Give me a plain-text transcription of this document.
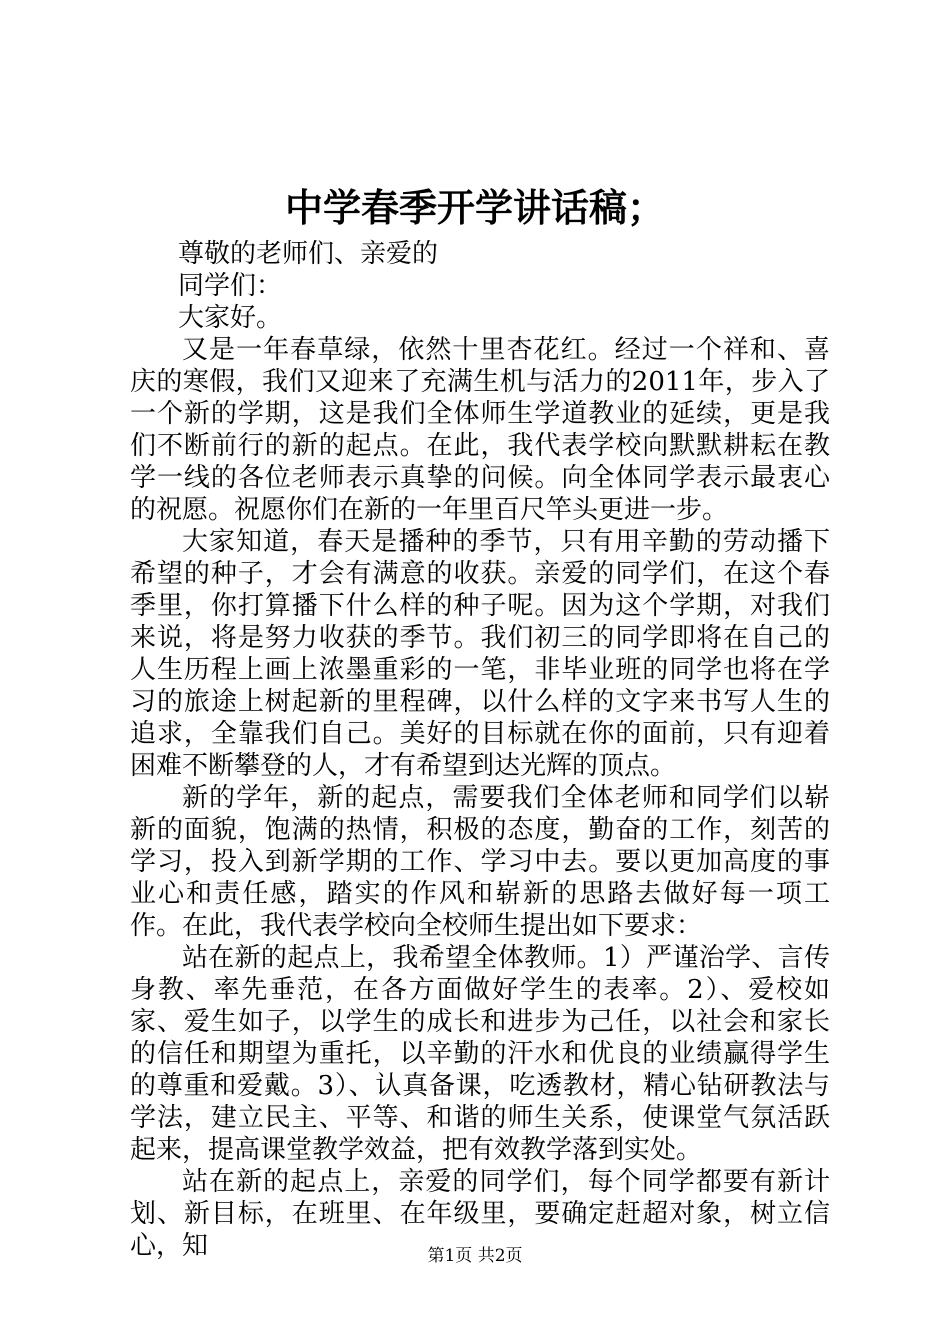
中学春季开学讲话稿；

尊敬的老师们、亲爱的

同学们：

大家好。

又是一年春草绿，依然十里杏花红。经过一个祥和、喜庆的寒假，我们又迎来了充满生机与活力的2011年，步入了一个新的学期，这是我们全体师生学道教业的延续，更是我们不断前行的新的起点。在此，我代表学校向默默耕耘在教学一线的各位老师表示真挚的问候。向全体同学表示最衷心的祝愿。祝愿你们在新的一年里百尺竿头更进一步。

大家知道，春天是播种的季节，只有用辛勤的劳动播下希望的种子，才会有满意的收获。亲爱的同学们，在这个春季里，你打算播下什么样的种子呢。因为这个学期，对我们来说，将是努力收获的季节。我们初三的同学即将在自己的人生历程上画上浓墨重彩的一笔，非毕业班的同学也将在学习的旅途上树起新的里程碑，以什么样的文字来书写人生的追求，全靠我们自己。美好的目标就在你的面前，只有迎着困难不断攀登的人，才有希望到达光辉的顶点。

新的学年，新的起点，需要我们全体老师和同学们以崭新的面貌，饱满的热情，积极的态度，勤奋的工作，刻苦的学习，投入到新学期的工作、学习中去。要以更加高度的事业心和责任感，踏实的作风和崭新的思路去做好每一项工作。在此，我代表学校向全校师生提出如下要求：

站在新的起点上，我希望全体教师。1）严谨治学、言传身教、率先垂范，在各方面做好学生的表率。2）、爱校如家、爱生如子，以学生的成长和进步为己任，以社会和家长的信任和期望为重托，以辛勤的汗水和优良的业绩赢得学生的尊重和爱戴。3）、认真备课，吃透教材，精心钻研教法与学法，建立民主、平等、和谐的师生关系，使课堂气氛活跃起来，提高课堂教学效益，把有效教学落到实处。

站在新的起点上，亲爱的同学们，每个同学都要有新计划、新目标，在班里、在年级里，要确定赶超对象，树立信心，知	第1页 共2页
